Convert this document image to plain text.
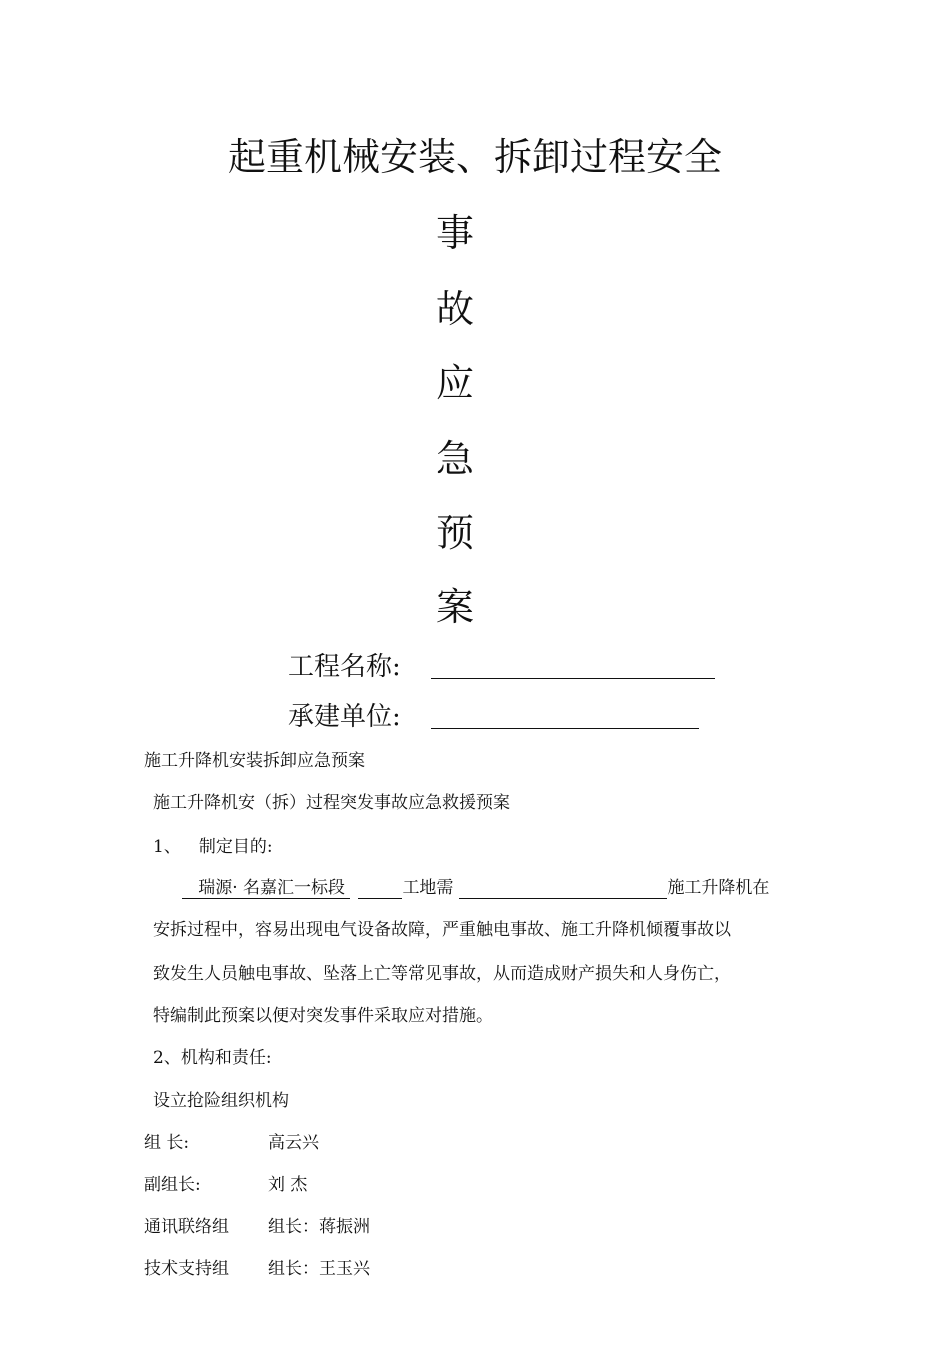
起重机械安装、拆卸过程安全
事
故
应
急
预
案
工程名称:
承建单位:
施工升降机安装拆卸应急预案
施工升降机安（拆）过程突发事故应急救援预案
1、 制定目的:
瑞源· 名嘉汇一标段	工地需	施工升降机在
安拆过程中，容易出现电气设备故障，严重触电事故、施工升降机倾覆事故以
致发生人员触电事故、坠落上亡等常见事故，从而造成财产损失和人身伤亡，
特编制此预案以便对突发事件采取应对措施。
2、机构和责任:
设立抢险组织机构
组 长:	高云兴
副组长:	刘 杰
通讯联络组 组长：蒋振洲
技术支持组 组长：王玉兴
